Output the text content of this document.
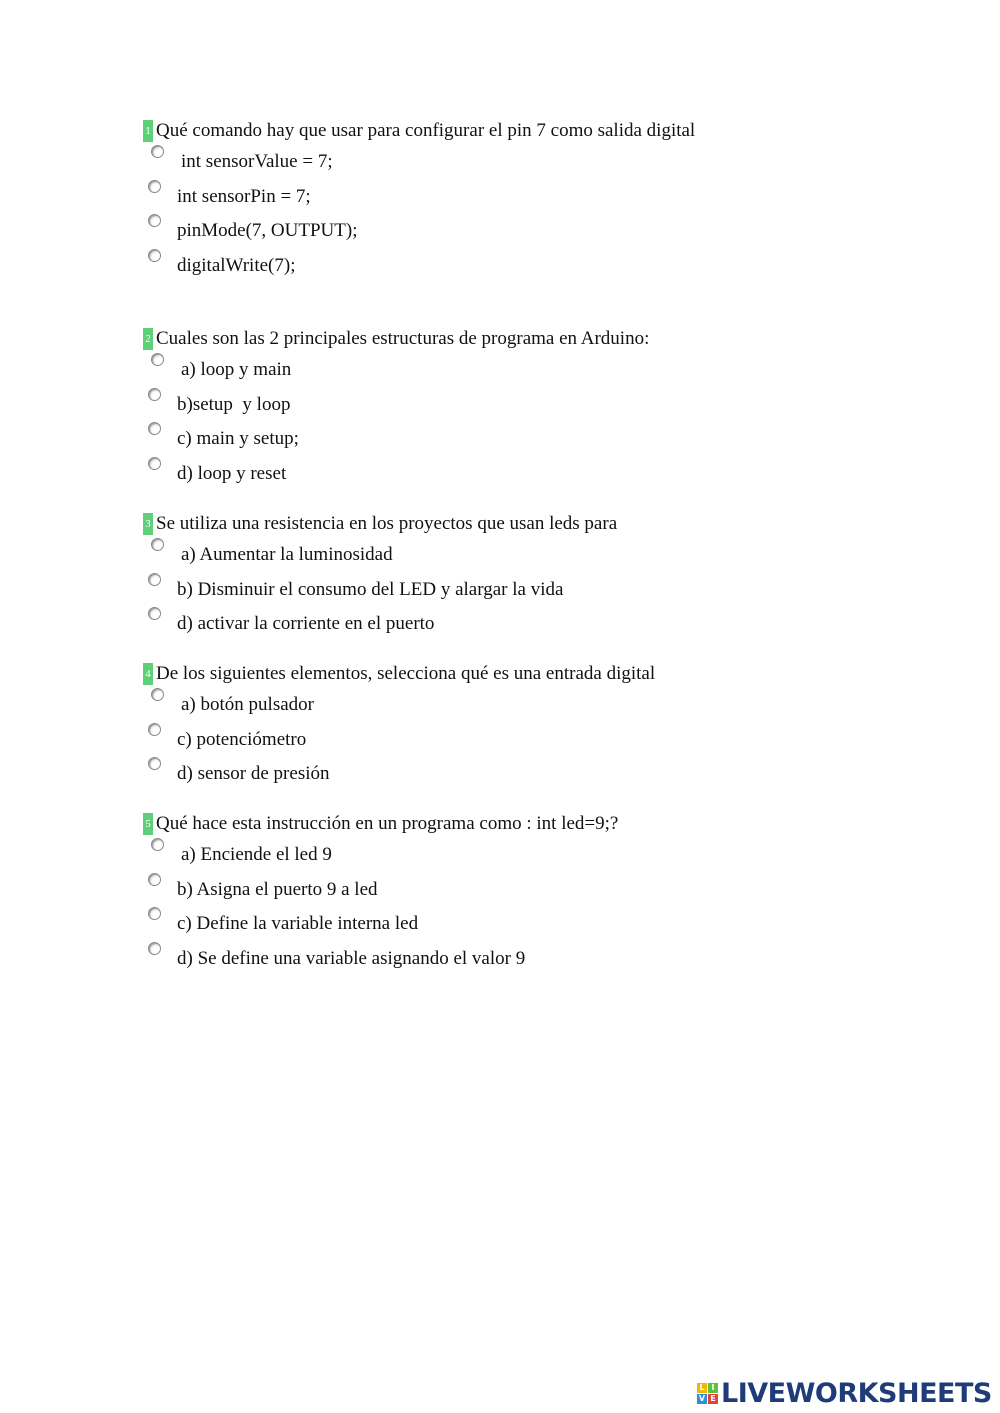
1 Qué comando hay que usar para configurar el pin 7 como salida digital
int sensorValue = 7;
int sensorPin = 7;
pinMode(7, OUTPUT);
digitalWrite(7);
2 Cuales son las 2 principales estructuras de programa en Arduino:
a) loop y main
b)setup  y loop
c) main y setup;
d) loop y reset
3 Se utiliza una resistencia en los proyectos que usan leds para
a) Aumentar la luminosidad
b) Disminuir el consumo del LED y alargar la vida
d) activar la corriente en el puerto
4 De los siguientes elementos, selecciona qué es una entrada digital
a) botón pulsador
c) potenciómetro
d) sensor de presión
5 Qué hace esta instrucción en un programa como : int led=9;?
a) Enciende el led 9
b) Asigna el puerto 9 a led
c) Define la variable interna led
d) Se define una variable asignando el valor 9
L I
V E LIVEWORKSHEETS
